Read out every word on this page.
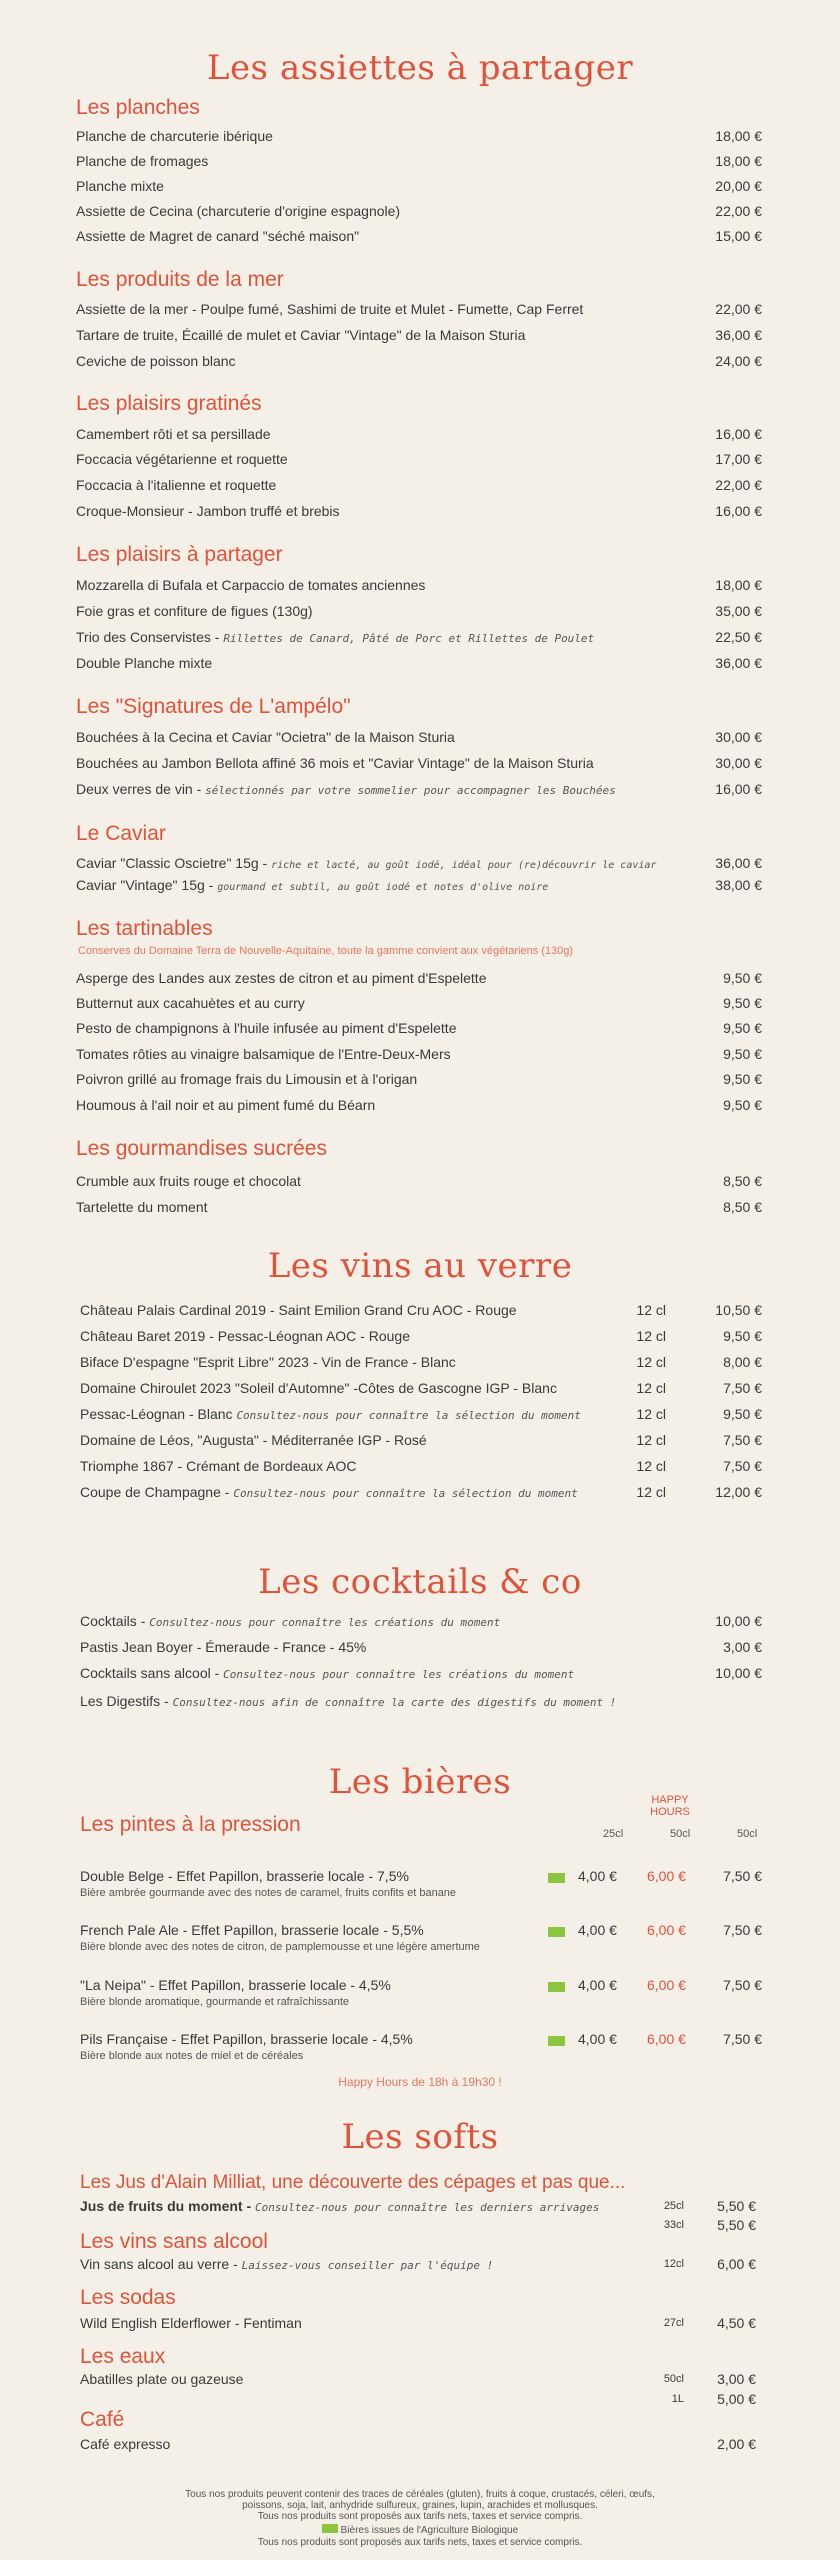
Les assiettes à partager
Les planches
Planche de charcuterie ibérique	18,00 €
Planche de fromages	18,00 €
Planche mixte	20,00 €
Assiette de Cecina (charcuterie d'origine espagnole)	22,00 €
Assiette de Magret de canard "séché maison"	15,00 €
Les produits de la mer
Assiette de la mer - Poulpe fumé, Sashimi de truite et Mulet - Fumette, Cap Ferret	22,00 €
Tartare de truite, Écaillé de mulet et Caviar "Vintage" de la Maison Sturia	36,00 €
Ceviche de poisson blanc	24,00 €
Les plaisirs gratinés
Camembert rôti et sa persillade	16,00 €
Foccacia végétarienne et roquette	17,00 €
Foccacia à l'italienne et roquette	22,00 €
Croque-Monsieur - Jambon truffé et brebis	16,00 €
Les plaisirs à partager
Mozzarella di Bufala et Carpaccio de tomates anciennes	18,00 €
Foie gras et confiture de figues (130g)	35,00 €
Trio des Conservistes - Rillettes de Canard, Pâté de Porc et Rillettes de Poulet	22,50 €
Double Planche mixte	36,00 €
Les "Signatures de L'ampélo"
Bouchées à la Cecina et Caviar "Ocietra" de la Maison Sturia	30,00 €
Bouchées au Jambon Bellota affiné 36 mois et "Caviar Vintage" de la Maison Sturia	30,00 €
Deux verres de vin - sélectionnés par votre sommelier pour accompagner les Bouchées	16,00 €
Le Caviar
Caviar "Classic Oscietre" 15g - riche et lacté, au goût iodé, idéal pour (re)découvrir le caviar	36,00 €
Caviar "Vintage" 15g - gourmand et subtil, au goût iodé et notes d'olive noire	38,00 €
Les tartinables
Conserves du Domaine Terra de Nouvelle-Aquitaine, toute la gamme convient aux végétariens (130g)
Asperge des Landes aux zestes de citron et au piment d'Espelette	9,50 €
Butternut aux cacahuètes et au curry	9,50 €
Pesto de champignons à l'huile infusée au piment d'Espelette	9,50 €
Tomates rôties au vinaigre balsamique de l'Entre-Deux-Mers	9,50 €
Poivron grillé au fromage frais du Limousin et à l'origan	9,50 €
Houmous à l'ail noir et au piment fumé du Béarn	9,50 €
Les gourmandises sucrées
Crumble aux fruits rouge et chocolat	8,50 €
Tartelette du moment	8,50 €
Les vins au verre
Château Palais Cardinal 2019 - Saint Emilion Grand Cru AOC - Rouge	12 cl	10,50 €
Château Baret 2019 - Pessac-Léognan AOC - Rouge	12 cl	9,50 €
Biface D'espagne "Esprit Libre" 2023 - Vin de France - Blanc	12 cl	8,00 €
Domaine Chiroulet 2023 "Soleil d'Automne" -Côtes de Gascogne IGP - Blanc	12 cl	7,50 €
Pessac-Léognan - Blanc Consultez-nous pour connaître la sélection du moment	12 cl	9,50 €
Domaine de Léos, "Augusta" - Méditerranée IGP - Rosé	12 cl	7,50 €
Triomphe 1867 - Crémant de Bordeaux AOC	12 cl	7,50 €
Coupe de Champagne - Consultez-nous pour connaître la sélection du moment	12 cl	12,00 €
Les cocktails & co
Cocktails - Consultez-nous pour connaître les créations du moment	10,00 €
Pastis Jean Boyer - Émeraude - France - 45%	3,00 €
Cocktails sans alcool - Consultez-nous pour connaître les créations du moment	10,00 €
Les Digestifs - Consultez-nous afin de connaître la carte des digestifs du moment !
Les bières	HAPPY HOURS
Les pintes à la pression	25cl	50cl	50cl
Double Belge - Effet Papillon, brasserie locale - 7,5%
Bière ambrée gourmande avec des notes de caramel, fruits confits et banane
4,00 € 6,00 €	7,50 €
French Pale Ale - Effet Papillon, brasserie locale - 5,5%
Bière blonde avec des notes de citron, de pamplemousse et une légère amertume
4,00 € 6,00 €	7,50 €
"La Neipa" - Effet Papillon, brasserie locale - 4,5%
Bière blonde aromatique, gourmande et rafraîchissante
4,00 € 6,00 €	7,50 €
Pils Française - Effet Papillon, brasserie locale - 4,5%
Bière blonde aux notes de miel et de céréales
4,00 € 6,00 €	7,50 €
Happy Hours de 18h à 19h30 !
Les softs
Les Jus d'Alain Milliat, une découverte des cépages et pas que...
Jus de fruits du moment - Consultez-nous pour connaître les derniers arrivages	25cl 5,50 €
33cl 5,50 €
Les vins sans alcool
Vin sans alcool au verre - Laissez-vous conseiller par l'équipe !	12cl 6,00 €
Les sodas
Wild English Elderflower - Fentiman	27cl 4,50 €
Les eaux
Abatilles plate ou gazeuse	50cl 3,00 €
1L 5,00 €
Café
Café expresso	2,00 €
Tous nos produits peuvent contenir des traces de céréales (gluten), fruits à coque, crustacés, céleri, œufs,
poissons, soja, lait, anhydride sulfureux, graines, lupin, arachides et mollusques.
Tous nos produits sont proposés aux tarifs nets, taxes et service compris.
Bières issues de l'Agriculture Biologique
Tous nos produits sont proposés aux tarifs nets, taxes et service compris.
